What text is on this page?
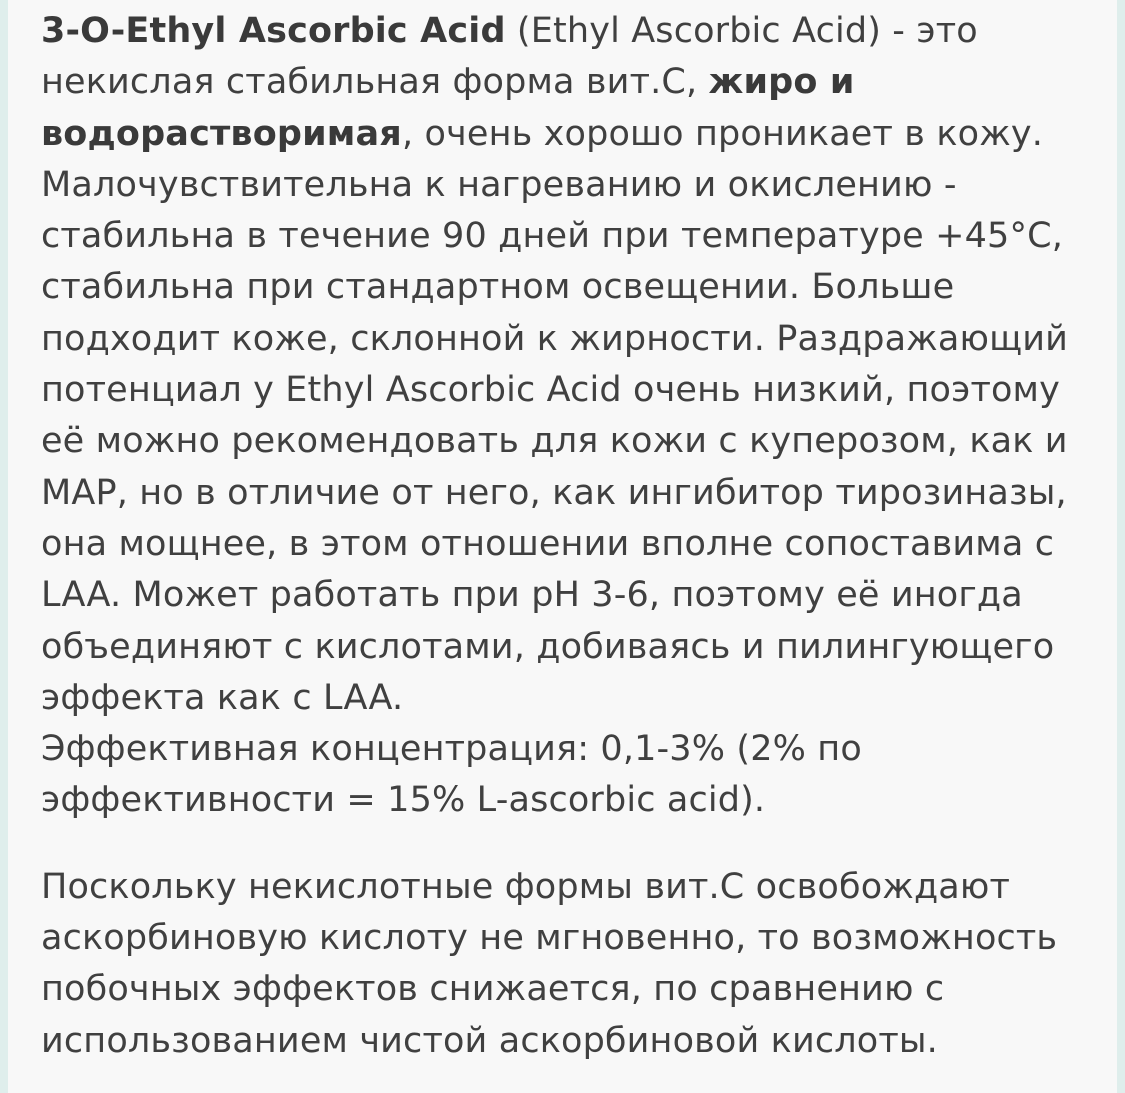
3-O-Ethyl Ascorbic Acid (Ethyl Ascorbic Acid) - это
некислая стабильная форма вит.С, жиро и
водорастворимая, очень хорошо проникает в кожу.
Малочувствительна к нагреванию и окислению -
стабильна в течение 90 дней при температуре +45°С,
стабильна при стандартном освещении. Больше
подходит коже, склонной к жирности. Раздражающий
потенциал у Ethyl Ascorbic Acid очень низкий, поэтому
её можно рекомендовать для кожи с куперозом, как и
MAP, но в отличие от него, как ингибитор тирозиназы,
она мощнее, в этом отношении вполне сопоставима с
LAA. Может работать при pH 3-6, поэтому её иногда
объединяют с кислотами, добиваясь и пилингующего
эффекта как с LAA.
Эффективная концентрация: 0,1-3% (2% по
эффективности = 15% L-ascorbic acid).

Поскольку некислотные формы вит.С освобождают
аскорбиновую кислоту не мгновенно, то возможность
побочных эффектов снижается, по сравнению с
использованием чистой аскорбиновой кислоты.
